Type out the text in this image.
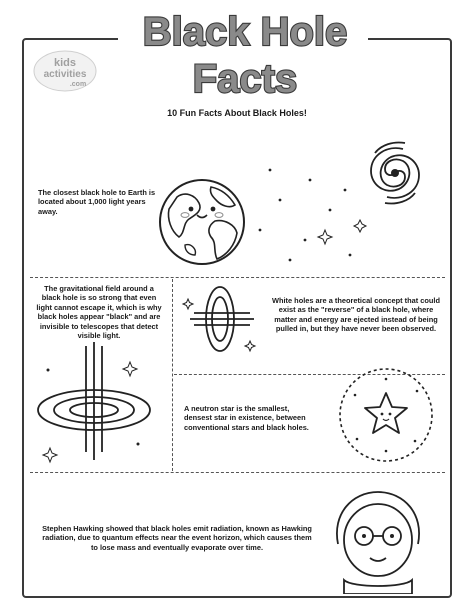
Black Hole
Facts
kids
activities
.com
10 Fun Facts About Black Holes!
The closest black hole to Earth is located about 1,000 light years away.
The gravitational field around a black hole is so strong that even light cannot escape it, which is why black holes appear "black" and are invisible to telescopes that detect visible light.
White holes are a theoretical concept that could exist as the "reverse" of a black hole, where matter and energy are ejected instead of being pulled in, but they have never been observed.
A neutron star is the smallest, densest star in existence, between conventional stars and black holes.
Stephen Hawking showed that black holes emit radiation, known as Hawking radiation, due to quantum effects near the event horizon, which causes them to lose mass and eventually evaporate over time.
